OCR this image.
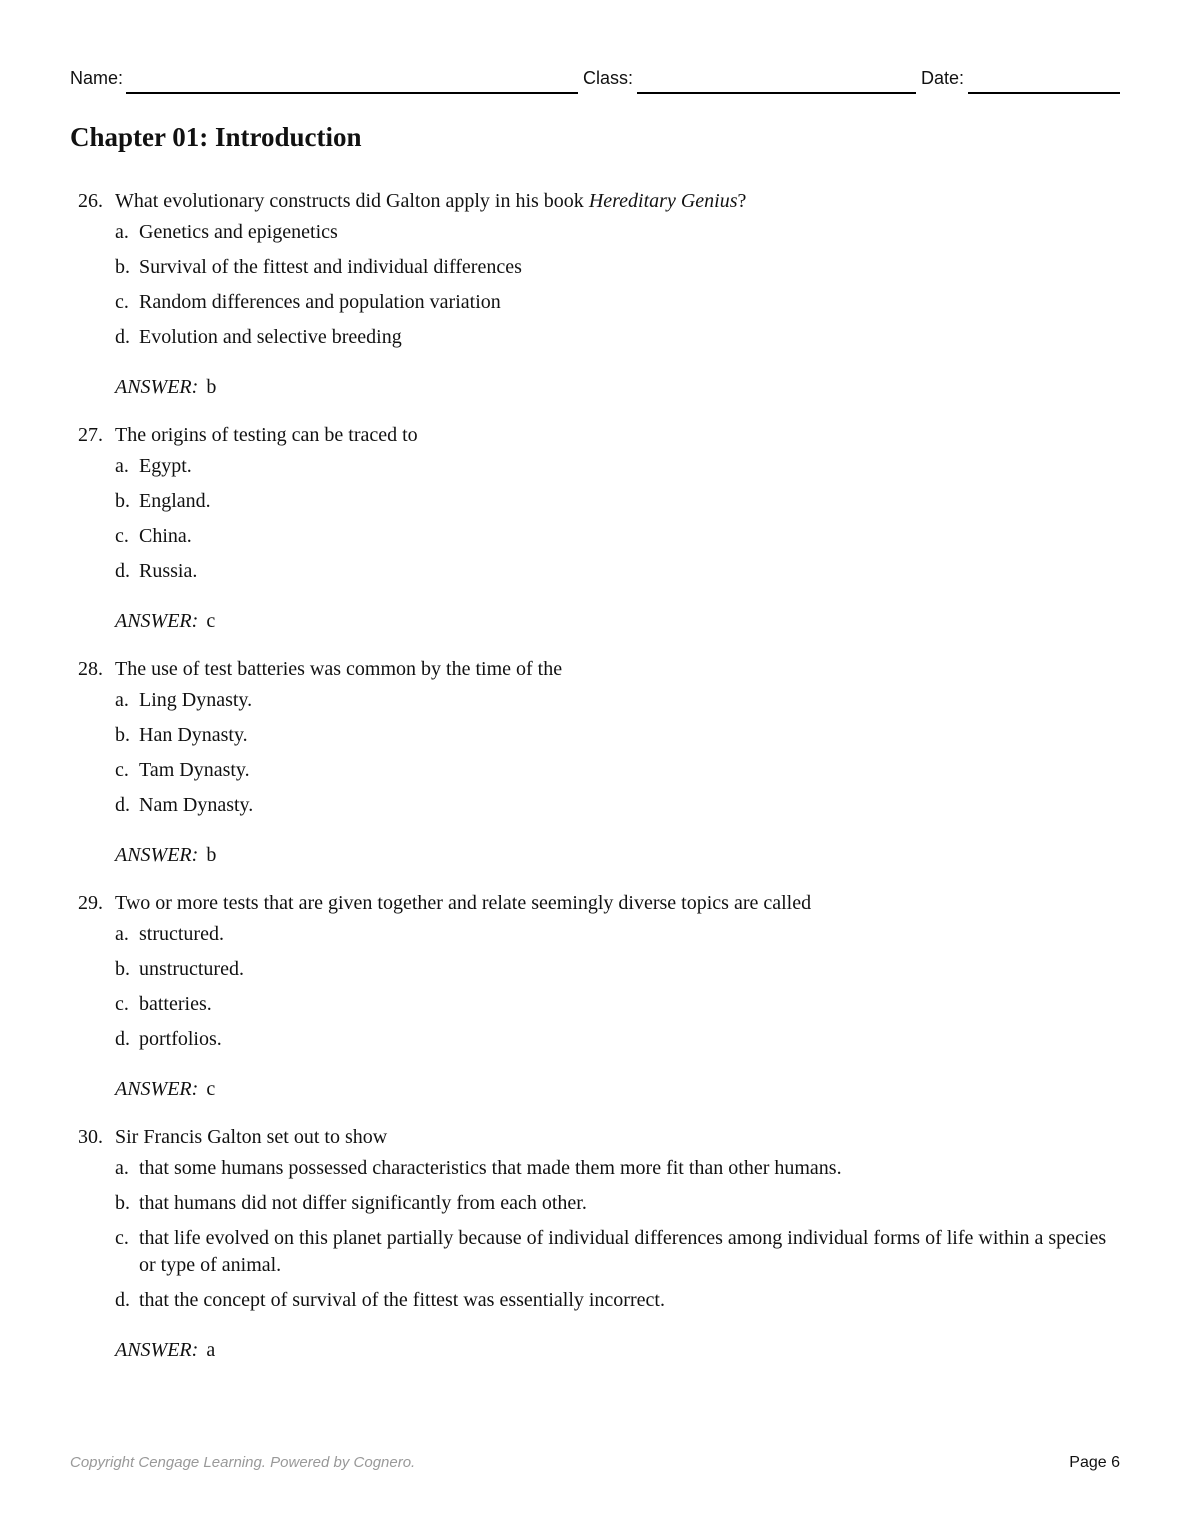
Name:	Class:	Date:
Chapter 01: Introduction
26. What evolutionary constructs did Galton apply in his book Hereditary Genius?
a. Genetics and epigenetics
b. Survival of the fittest and individual differences
c. Random differences and population variation
d. Evolution and selective breeding
ANSWER: b
27. The origins of testing can be traced to
a. Egypt.
b. England.
c. China.
d. Russia.
ANSWER: c
28. The use of test batteries was common by the time of the
a. Ling Dynasty.
b. Han Dynasty.
c. Tam Dynasty.
d. Nam Dynasty.
ANSWER: b
29. Two or more tests that are given together and relate seemingly diverse topics are called
a. structured.
b. unstructured.
c. batteries.
d. portfolios.
ANSWER: c
30. Sir Francis Galton set out to show
a. that some humans possessed characteristics that made them more fit than other humans.
b. that humans did not differ significantly from each other.
c. that life evolved on this planet partially because of individual differences among individual forms of life within a species or type of animal.
d. that the concept of survival of the fittest was essentially incorrect.
ANSWER: a
Copyright Cengage Learning. Powered by Cognero.	Page 6
